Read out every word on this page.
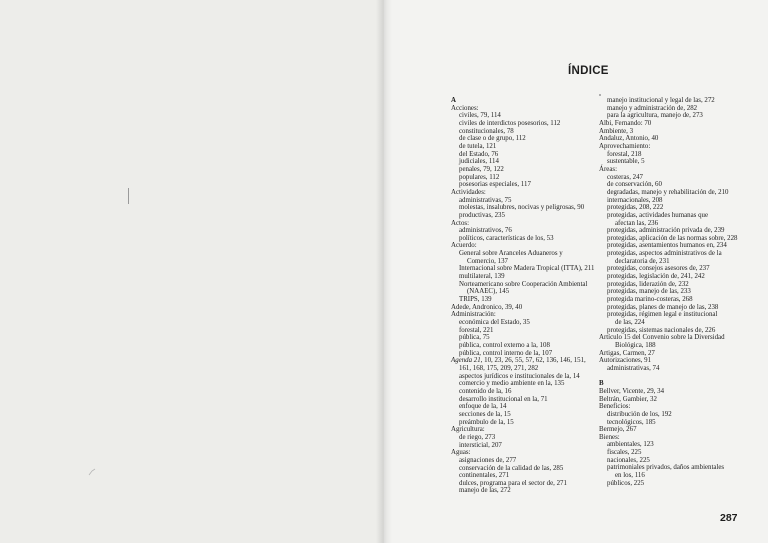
ÍNDICE
A
Acciones:
civiles, 79, 114
civiles de interdictos posesorios, 112
constitucionales, 78
de clase o de grupo, 112
de tutela, 121
del Estado, 76
judiciales, 114
penales, 79, 122
populares, 112
posesorias especiales, 117
Actividades:
administrativas, 75
molestas, insalubres, nocivas y peligrosas, 90
productivas, 235
Actos:
administrativos, 76
políticos, características de los, 53
Acuerdo:
General sobre Aranceles Aduaneros y
Comercio, 137
Internacional sobre Madera Tropical (ITTA), 211
multilateral, 139
Norteamericano sobre Cooperación Ambiental
(NAAEC), 145
TRIPS, 139
Adede, Andronico, 39, 40
Administración:
económica del Estado, 35
forestal, 221
pública, 75
pública, control externo a la, 108
pública, control interno de la, 107
Agenda 21, 10, 23, 26, 55, 57, 62, 136, 146, 151,
161, 168, 175, 209, 271, 282
aspectos jurídicos e institucionales de la, 14
comercio y medio ambiente en la, 135
contenido de la, 16
desarrollo institucional en la, 71
enfoque de la, 14
secciones de la, 15
preámbulo de la, 15
Agricultura:
de riego, 273
intersticial, 207
Aguas:
asignaciones de, 277
conservación de la calidad de las, 285
continentales, 271
dulces, programa para el sector de, 271
manejo de las, 272
manejo institucional y legal de las, 272
manejo y administración de, 282
para la agricultura, manejo de, 273
Albi, Fernando: 70
Ambiente, 3
Andaluz, Antonio, 40
Aprovechamiento:
forestal, 218
sustentable, 5
Áreas:
costeras, 247
de conservación, 60
degradadas, manejo y rehabilitación de, 210
internacionales, 208
protegidas, 208, 222
protegidas, actividades humanas que
afectan las, 236
protegidas, administración privada de, 239
protegidas, aplicación de las normas sobre, 228
protegidas, asentamientos humanos en, 234
protegidas, aspectos administrativos de la
declaratoria de, 231
protegidas, consejos asesores de, 237
protegidas, legislación de, 241, 242
protegidas, liderazión de, 232
protegidas, manejo de las, 233
protegida marino-costeras, 268
protegidas, planes de manejo de las, 238
protegidas, régimen legal e institucional
de las, 224
protegidas, sistemas nacionales de, 226
Artículo 15 del Convenio sobre la Diversidad
Biológica, 188
Artigas, Carmen, 27
Autorizaciones, 91
administrativas, 74
B
Bellver, Vicente, 29, 34
Beltrán, Gambier, 32
Beneficios:
distribución de los, 192
tecnológicos, 185
Bermejo, 267
Bienes:
ambientales, 123
fiscales, 225
nacionales, 225
patrimoniales privados, daños ambientales
en los, 116
públicos, 225
287
